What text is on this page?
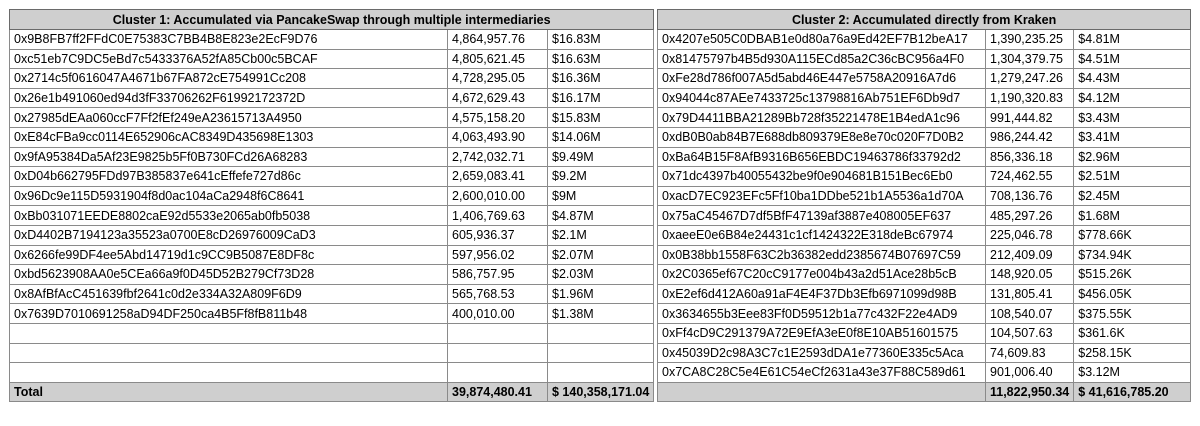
Cluster 1: Accumulated via PancakeSwap through multiple intermediaries		
0x9B8FB7ff2FFdC0E75383C7BB4B8E823e2EcF9D76	4,864,957.76	$16.83M
0xc51eb7C9DC5eBd7c5433376A52fA85Cb00c5BCAF	4,805,621.45	$16.63M
0x2714c5f0616047A4671b67FA872cE754991Cc208	4,728,295.05	$16.36M
0x26e1b491060ed94d3fF33706262F61992172372D	4,672,629.43	$16.17M
0x27985dEAa060ccF7Ff2fEf249eA23615713A4950	4,575,158.20	$15.83M
0xE84cFBa9cc0114E652906cAC8349D435698E1303	4,063,493.90	$14.06M
0x9fA95384Da5Af23E9825b5Ff0B730FCd26A68283	2,742,032.71	$9.49M
0xD04b662795FDd97B385837e641cEffefe727d86c	2,659,083.41	$9.2M
0x96Dc9e115D5931904f8d0ac104aCa2948f6C8641	2,600,010.00	$9M
0xBb031071EEDE8802caE92d5533e2065ab0fb5038	1,406,769.63	$4.87M
0xD4402B7194123a35523a0700E8cD26976009CaD3	605,936.37	$2.1M
0x6266fe99DF4ee5Abd14719d1c9CC9B5087E8DF8c	597,956.02	$2.07M
0xbd5623908AA0e5CEa66a9f0D45D52B279Cf73D28	586,757.95	$2.03M
0x8AfBfAcC451639fbf2641c0d2e334A32A809F6D9	565,768.53	$1.96M
0x7639D7010691258aD94DF250ca4B5Ff8fB811b48	400,010.00	$1.38M

Total	39,874,480.41	$ 140,358,171.04
Cluster 2: Accumulated directly from Kraken		
0x4207e505C0DBAB1e0d80a76a9Ed42EF7B12beA17	1,390,235.25	$4.81M
0x81475797b4B5d930A115ECd85a2C36cBC956a4F0	1,304,379.75	$4.51M
0xFe28d786f007A5d5abd46E447e5758A20916A7d6	1,279,247.26	$4.43M
0x94044c87AEe7433725c13798816Ab751EF6Db9d7	1,190,320.83	$4.12M
0x79D4411BBA21289Bb728f35221478E1B4edA1c96	991,444.82	$3.43M
0xdB0B0ab84B7E688db809379E8e8e70c020F7D0B2	986,244.42	$3.41M
0xBa64B15F8AfB9316B656EBDC19463786f33792d2	856,336.18	$2.96M
0x71dc4397b40055432be9f0e904681B151Bec6Eb0	724,462.55	$2.51M
0xacD7EC923EFc5Ff10ba1DDbe521b1A5536a1d70A	708,136.76	$2.45M
0x75aC45467D7df5BfF47139af3887e408005EF637	485,297.26	$1.68M
0xaeeE0e6B84e24431c1cf1424322E318deBc67974	225,046.78	$778.66K
0x0B38bb1558F63C2b36382edd2385674B07697C59	212,409.09	$734.94K
0x2C0365ef67C20cC9177e004b43a2d51Ace28b5cB	148,920.05	$515.26K
0xE2ef6d412A60a91aF4E4F37Db3Efb6971099d98B	131,805.41	$456.05K
0x3634655b3Eee83Ff0D59512b1a77c432F22e4AD9	108,540.07	$375.55K
0xFf4cD9C291379A72E9EfA3eE0f8E10AB51601575	104,507.63	$361.6K
0x45039D2c98A3C7c1E2593dDA1e77360E335c5Aca	74,609.83	$258.15K
0x7CA8C28C5e4E61C54eCf2631a43e37F88C589d61	901,006.40	$3.12M
	11,822,950.34	$ 41,616,785.20
